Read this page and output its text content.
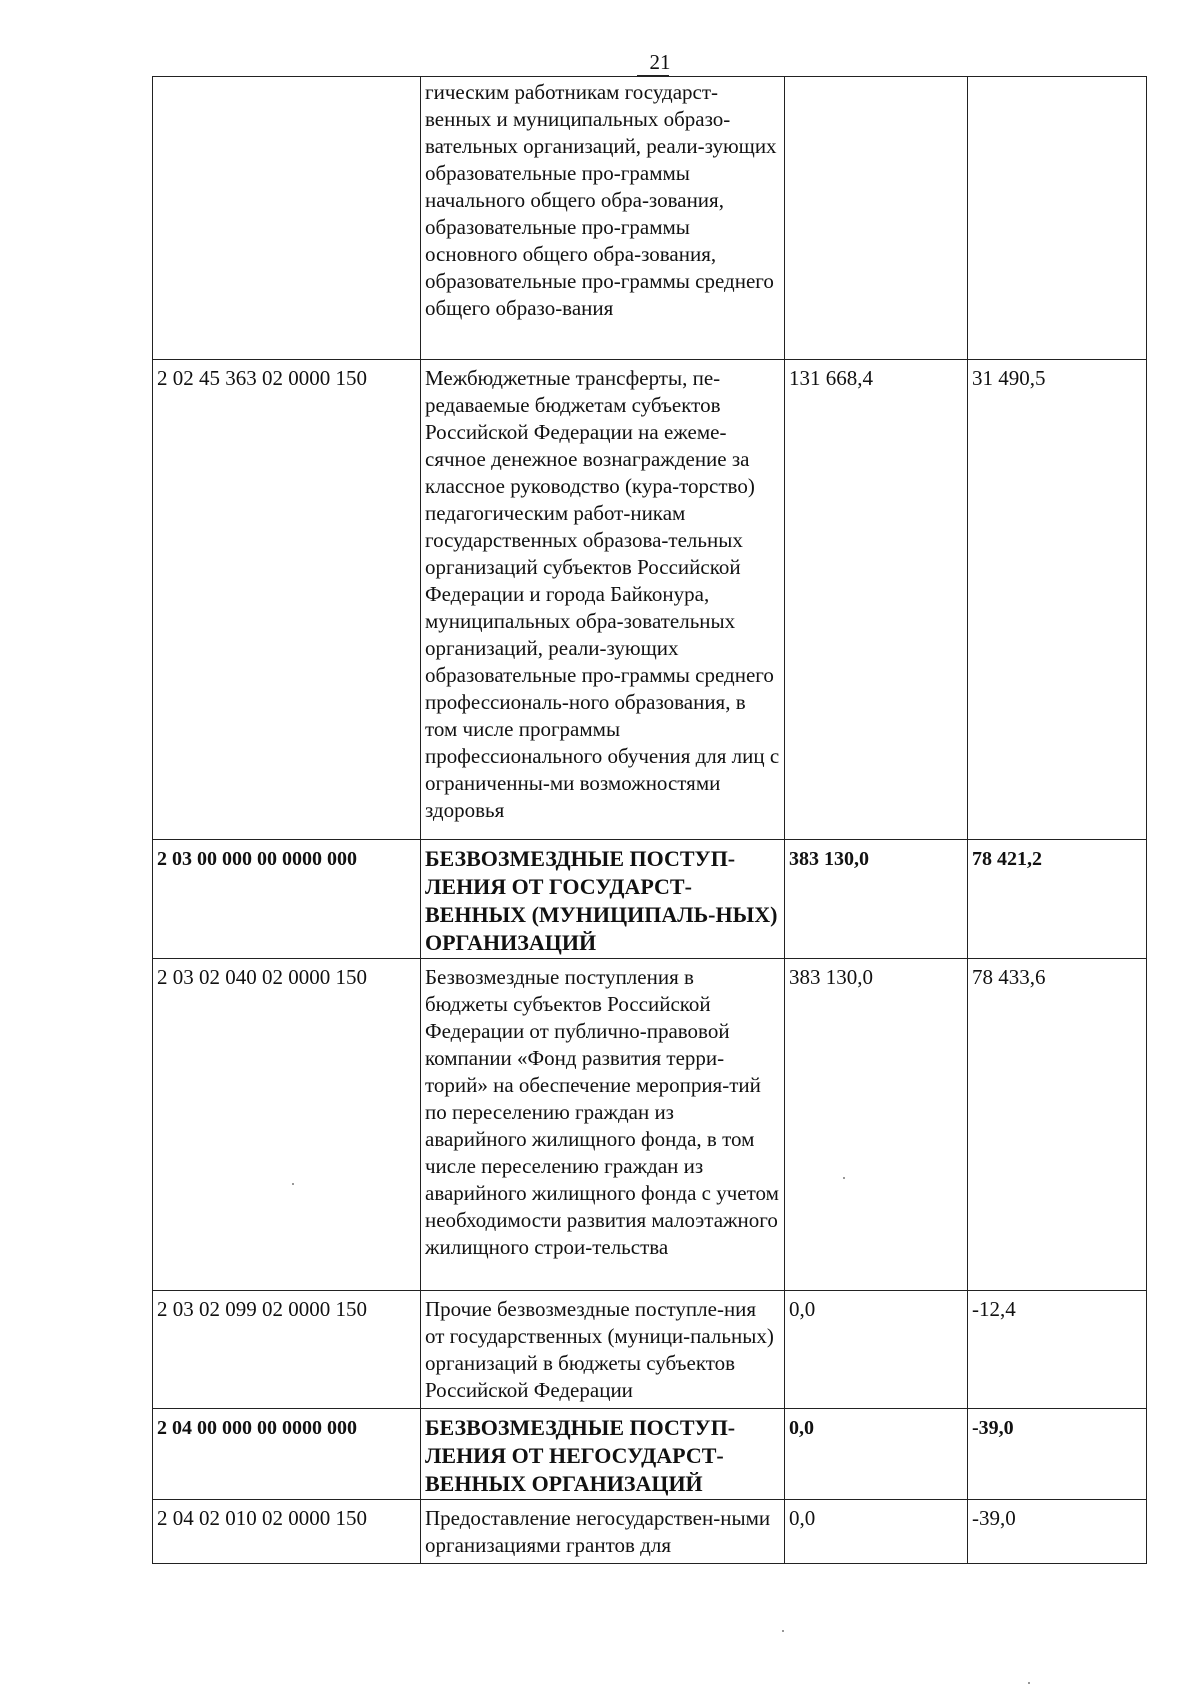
21
	гическим работникам государст-венных и муниципальных образо-вательных организаций, реали-зующих образовательные про-граммы начального общего обра-зования, образовательные про-граммы основного общего обра-зования, образовательные про-граммы среднего общего образо-вания		
2 02 45 363 02 0000 150	Межбюджетные трансферты, пе-редаваемые бюджетам субъектов Российской Федерации на ежеме-сячное денежное вознаграждение за классное руководство (кура-торство) педагогическим работ-никам государственных образова-тельных организаций субъектов Российской Федерации и города Байконура, муниципальных обра-зовательных организаций, реали-зующих образовательные про-граммы среднего профессиональ-ного образования, в том числе программы профессионального обучения для лиц с ограниченны-ми возможностями здоровья	131 668,4	31 490,5
2 03 00 000 00 0000 000	БЕЗВОЗМЕЗДНЫЕ ПОСТУП-ЛЕНИЯ ОТ ГОСУДАРСТ-ВЕННЫХ (МУНИЦИПАЛЬ-НЫХ) ОРГАНИЗАЦИЙ	383 130,0	78 421,2
2 03 02 040 02 0000 150	Безвозмездные поступления в бюджеты субъектов Российской Федерации от публично-правовой компании «Фонд развития терри-торий» на обеспечение мероприя-тий по переселению граждан из аварийного жилищного фонда, в том числе переселению граждан из аварийного жилищного фонда с учетом необходимости развития малоэтажного жилищного строи-тельства	383 130,0	78 433,6
2 03 02 099 02 0000 150	Прочие безвозмездные поступле-ния от государственных (муници-пальных) организаций в бюджеты субъектов Российской Федерации	0,0	-12,4
2 04 00 000 00 0000 000	БЕЗВОЗМЕЗДНЫЕ ПОСТУП-ЛЕНИЯ ОТ НЕГОСУДАРСТ-ВЕННЫХ ОРГАНИЗАЦИЙ	0,0	-39,0
2 04 02 010 02 0000 150	Предоставление негосударствен-ными организациями грантов для	0,0	-39,0
